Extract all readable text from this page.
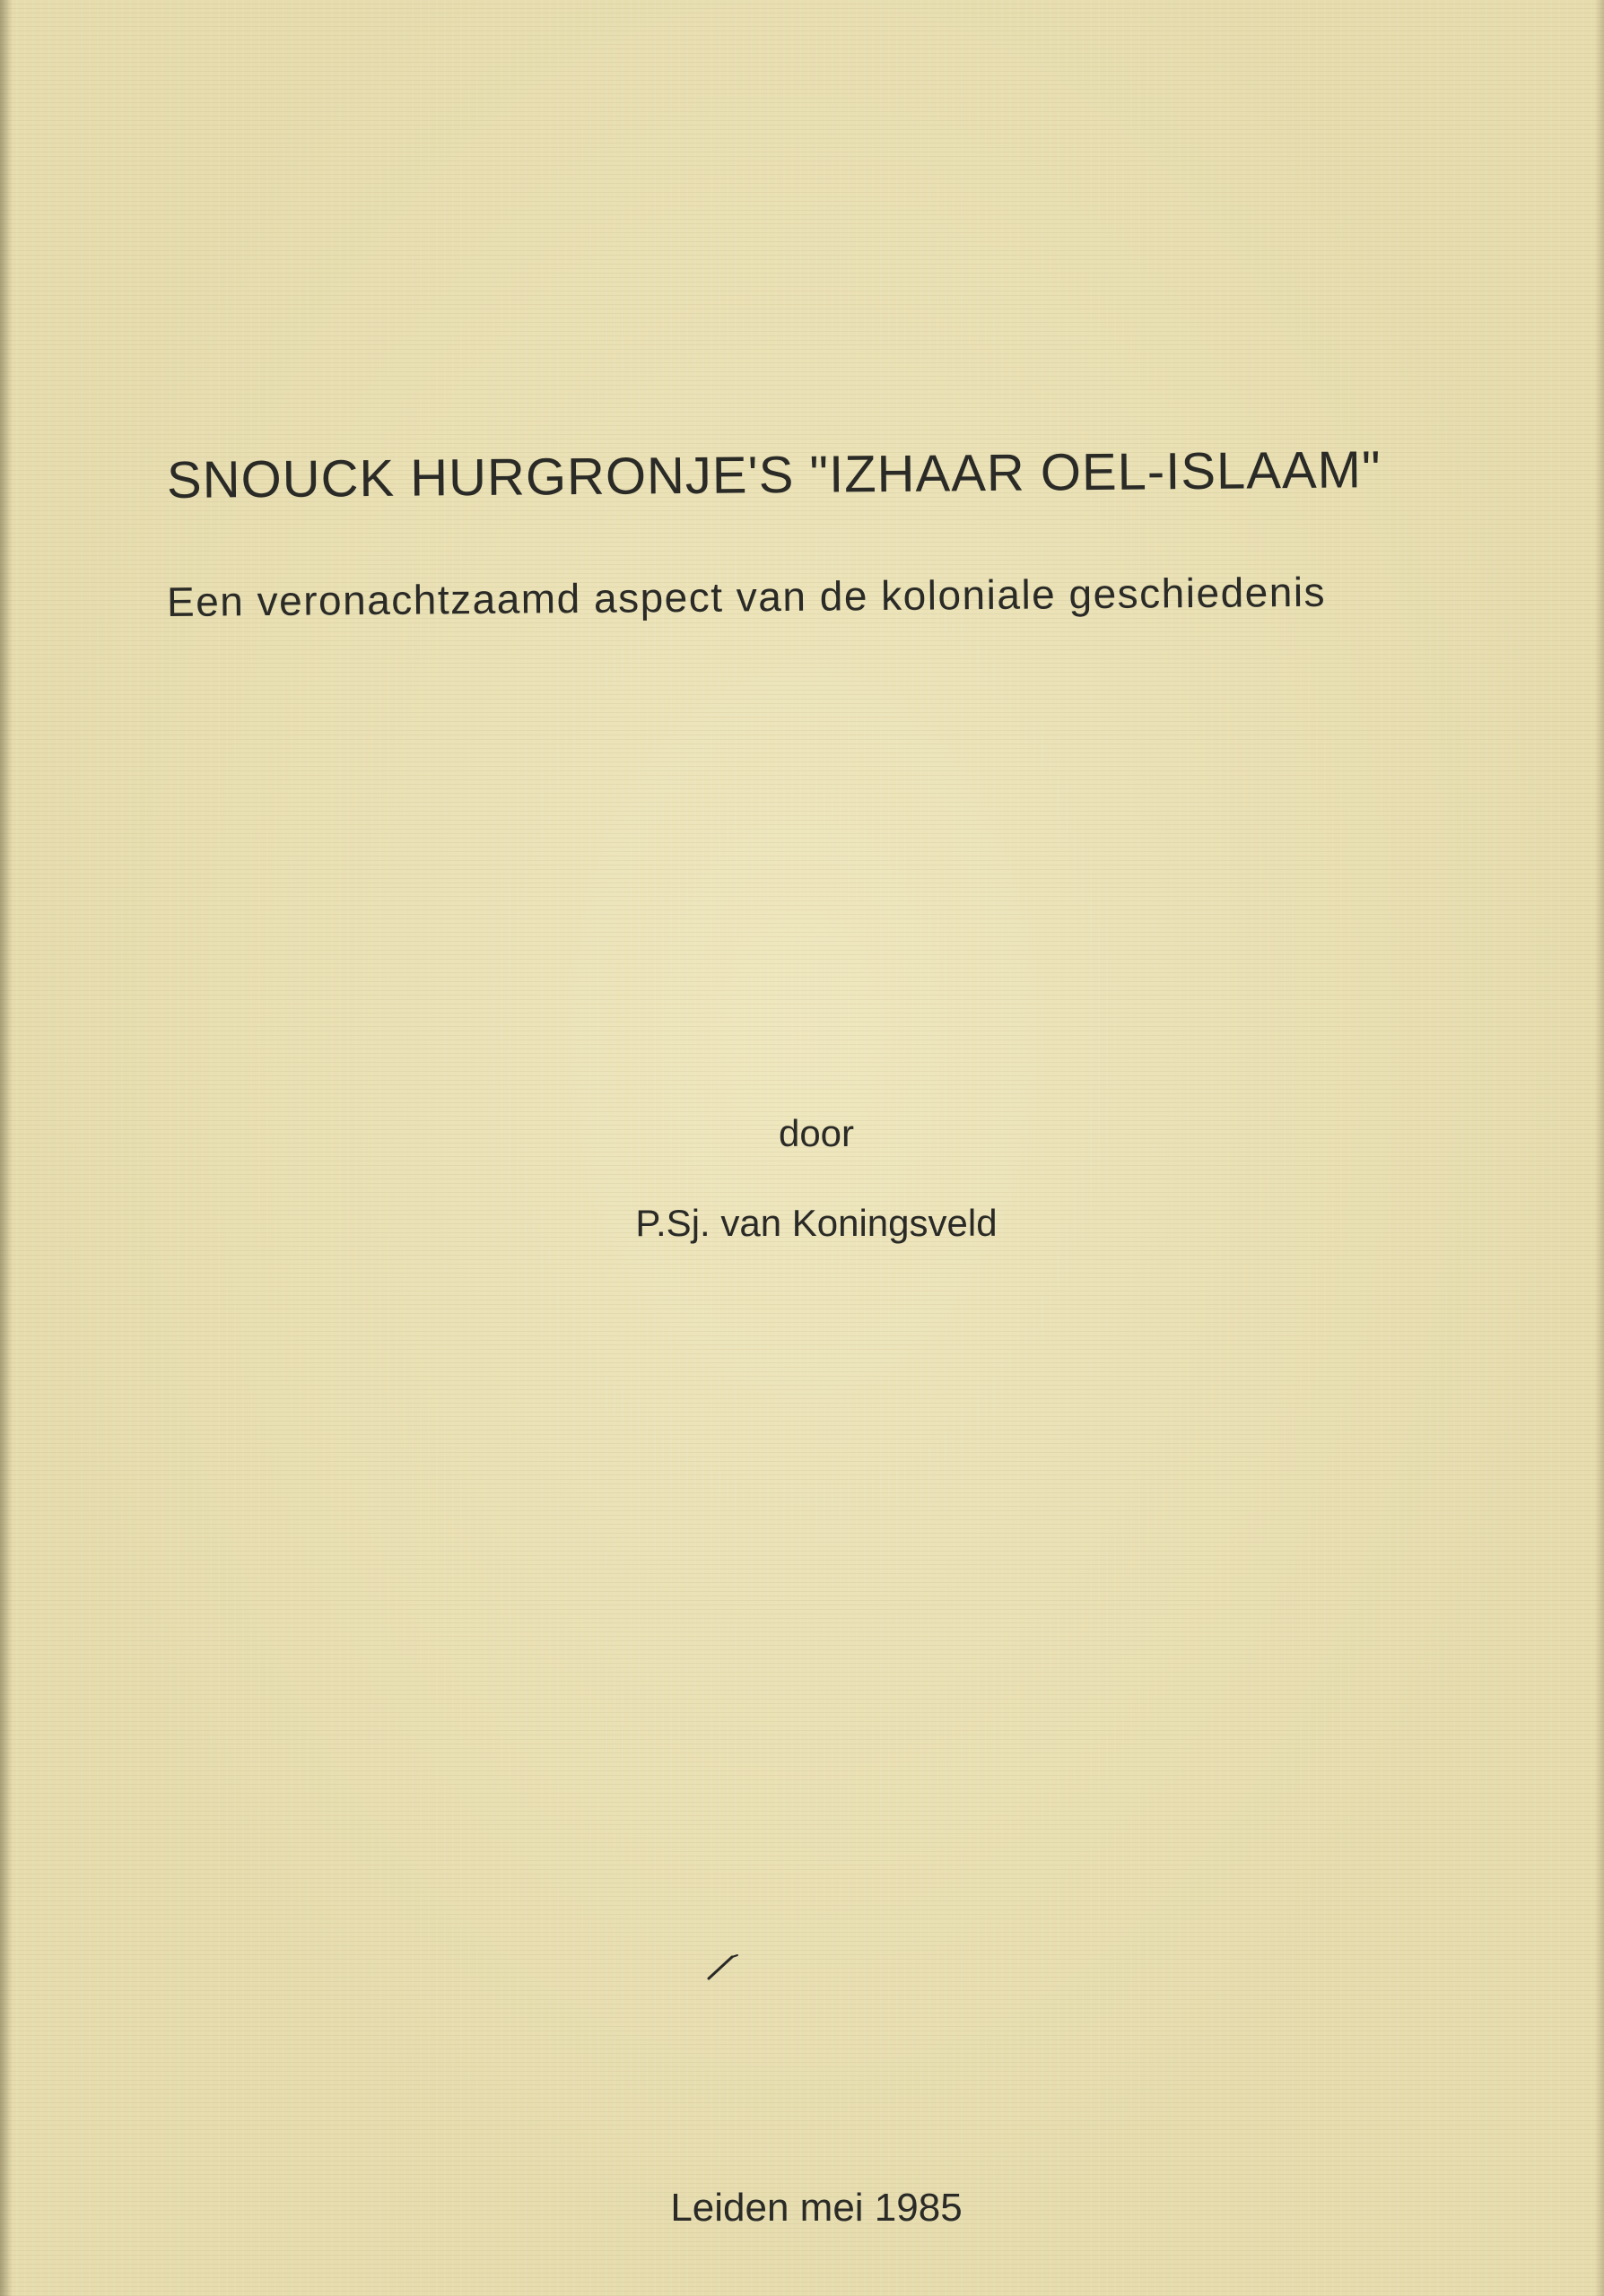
SNOUCK HURGRONJE'S "IZHAAR OEL-ISLAAM"
Een veronachtzaamd aspect van de koloniale geschiedenis
door
P.Sj. van Koningsveld
Leiden mei 1985
